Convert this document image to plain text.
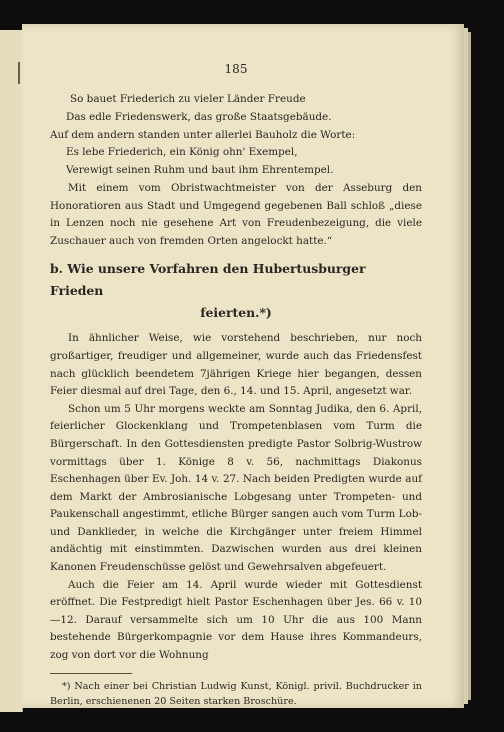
185
So bauet Friederich zu vieler Länder Freude
Das edle Friedenswerk, das große Staatsgebäude.
Auf dem andern standen unter allerlei Bauholz die Worte:
Es lebe Friederich, ein König ohn' Exempel,
Verewigt seinen Ruhm und baut ihm Ehrentempel.

Mit einem vom Obristwachtmeister von der Asseburg den Honoratioren aus Stadt und Umgegend gegebenen Ball schloß „diese in Lenzen noch nie gesehene Art von Freudenbezeigung, die viele Zuschauer auch von fremden Orten angelockt hatte.“

b. Wie unsere Vorfahren den Hubertusburger Frieden
feierten.*)

In ähnlicher Weise, wie vorstehend beschrieben, nur noch großartiger, freudiger und allgemeiner, wurde auch das Friedensfest nach glücklich beendetem 7jährigen Kriege hier begangen, dessen Feier diesmal auf drei Tage, den 6., 14. und 15. April, angesetzt war.

Schon um 5 Uhr morgens weckte am Sonntag Judika, den 6. April, feierlicher Glockenklang und Trompetenblasen vom Turm die Bürgerschaft. In den Gottesdiensten predigte Pastor Solbrig-Wustrow vormittags über 1. Könige 8 v. 56, nachmittags Diakonus Eschenhagen über Ev. Joh. 14 v. 27. Nach beiden Predigten wurde auf dem Markt der Ambrosianische Lobgesang unter Trompeten- und Paukenschall angestimmt, etliche Bürger sangen auch vom Turm Lob- und Danklieder, in welche die Kirchgänger unter freiem Himmel andächtig mit einstimmten. Dazwischen wurden aus drei kleinen Kanonen Freudenschüsse gelöst und Gewehrsalven abgefeuert.

Auch die Feier am 14. April wurde wieder mit Gottesdienst eröffnet. Die Festpredigt hielt Pastor Eschenhagen über Jes. 66 v. 10—12. Darauf versammelte sich um 10 Uhr die aus 100 Mann bestehende Bürgerkompagnie vor dem Hause ihres Kommandeurs, zog von dort vor die Wohnung

*) Nach einer bei Christian Ludwig Kunst, Königl. privil. Buchdrucker in Berlin, erschienenen 20 Seiten starken Broschüre.
